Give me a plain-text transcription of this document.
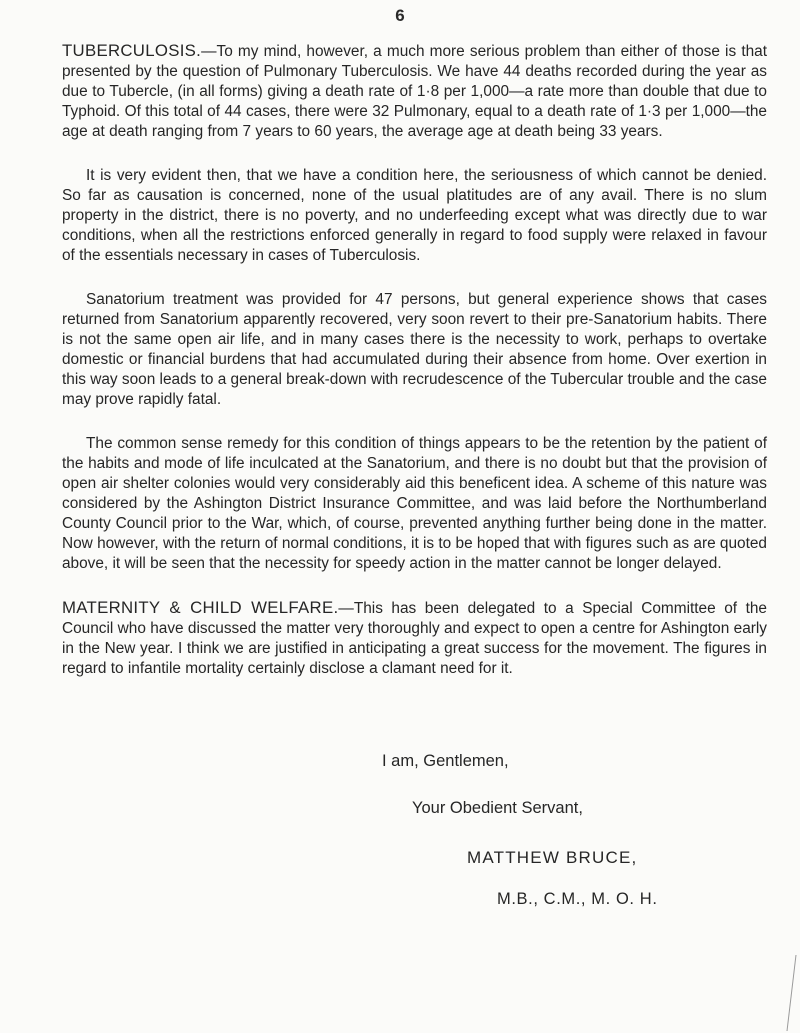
6

TUBERCULOSIS.—To my mind, however, a much more serious problem than either of those is that presented by the question of Pulmonary Tuberculosis. We have 44 deaths recorded during the year as due to Tubercle, (in all forms) giving a death rate of 1·8 per 1,000—a rate more than double that due to Typhoid. Of this total of 44 cases, there were 32 Pulmonary, equal to a death rate of 1·3 per 1,000—the age at death ranging from 7 years to 60 years, the average age at death being 33 years.

It is very evident then, that we have a condition here, the seriousness of which cannot be denied. So far as causation is concerned, none of the usual platitudes are of any avail. There is no slum property in the district, there is no poverty, and no underfeeding except what was directly due to war conditions, when all the restrictions enforced generally in regard to food supply were relaxed in favour of the essentials necessary in cases of Tuberculosis.

Sanatorium treatment was provided for 47 persons, but general experience shows that cases returned from Sanatorium apparently recovered, very soon revert to their pre-Sanatorium habits. There is not the same open air life, and in many cases there is the necessity to work, perhaps to overtake domestic or financial burdens that had accumulated during their absence from home. Over exertion in this way soon leads to a general break-down with recrudescence of the Tubercular trouble and the case may prove rapidly fatal.

The common sense remedy for this condition of things appears to be the retention by the patient of the habits and mode of life inculcated at the Sanatorium, and there is no doubt but that the provision of open air shelter colonies would very considerably aid this beneficent idea. A scheme of this nature was considered by the Ashington District Insurance Committee, and was laid before the Northumberland County Council prior to the War, which, of course, prevented anything further being done in the matter. Now however, with the return of normal conditions, it is to be hoped that with figures such as are quoted above, it will be seen that the necessity for speedy action in the matter cannot be longer delayed.

MATERNITY & CHILD WELFARE.—This has been delegated to a Special Committee of the Council who have discussed the matter very thoroughly and expect to open a centre for Ashington early in the New year. I think we are justified in anticipating a great success for the movement. The figures in regard to infantile mortality certainly disclose a clamant need for it.

I am, Gentlemen,
Your Obedient Servant,
MATTHEW BRUCE,
M.B., C.M., M. O. H.
